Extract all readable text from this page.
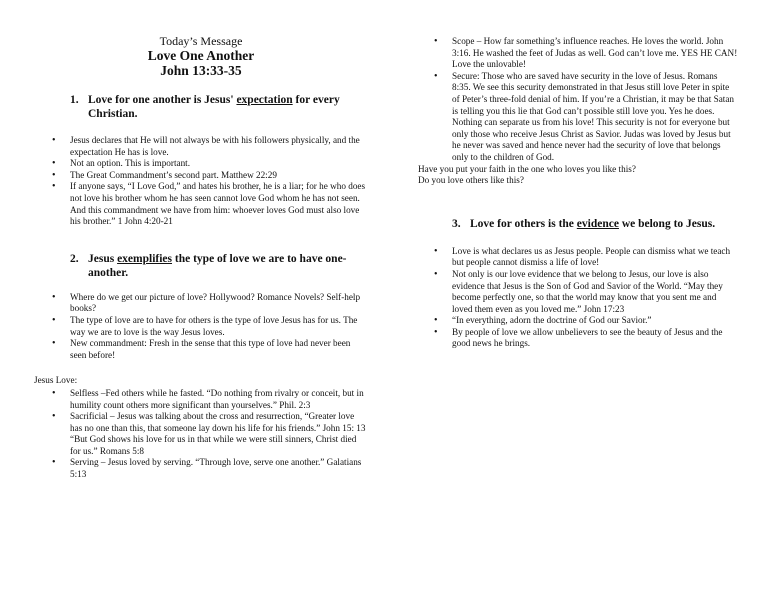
Today’s Message
Love One Another
John 13:33-35
1. Love for one another is Jesus' expectation for every Christian.
• Jesus declares that He will not always be with his followers physically, and the expectation He has is love.
• Not an option. This is important.
• The Great Commandment’s second part. Matthew 22:29
• If anyone says, “I Love God,” and hates his brother, he is a liar; for he who does not love his brother whom he has seen cannot love God whom he has not seen. And this commandment we have from him: whoever loves God must also love his brother.” 1 John 4:20-21
2. Jesus exemplifies the type of love we are to have one-another.
• Where do we get our picture of love? Hollywood? Romance Novels? Self-help books?
• The type of love are to have for others is the type of love Jesus has for us. The way we are to love is the way Jesus loves.
• New commandment: Fresh in the sense that this type of love had never been seen before!
Jesus Love:
• Selfless –Fed others while he fasted. “Do nothing from rivalry or conceit, but in humility count others more significant than yourselves.” Phil. 2:3
• Sacrificial – Jesus was talking about the cross and resurrection, “Greater love has no one than this, that someone lay down his life for his friends.” John 15: 13 “But God shows his love for us in that while we were still sinners, Christ died for us.” Romans 5:8
• Serving – Jesus loved by serving. “Through love, serve one another.” Galatians 5:13
• Scope – How far something’s influence reaches. He loves the world. John 3:16. He washed the feet of Judas as well. God can’t love me. YES HE CAN! Love the unlovable!
• Secure: Those who are saved have security in the love of Jesus. Romans 8:35. We see this security demonstrated in that Jesus still love Peter in spite of Peter’s three-fold denial of him. If you’re a Christian, it may be that Satan is telling you this lie that God can’t possible still love you. Yes he does. Nothing can separate us from his love! This security is not for everyone but only those who receive Jesus Christ as Savior. Judas was loved by Jesus but he never was saved and hence never had the security of love that belongs only to the children of God.
Have you put your faith in the one who loves you like this?
Do you love others like this?
3. Love for others is the evidence we belong to Jesus.
• Love is what declares us as Jesus people. People can dismiss what we teach but people cannot dismiss a life of love!
• Not only is our love evidence that we belong to Jesus, our love is also evidence that Jesus is the Son of God and Savior of the World. “May they become perfectly one, so that the world may know that you sent me and loved them even as you loved me.” John 17:23
• “In everything, adorn the doctrine of God our Savior.”
• By people of love we allow unbelievers to see the beauty of Jesus and the good news he brings.
